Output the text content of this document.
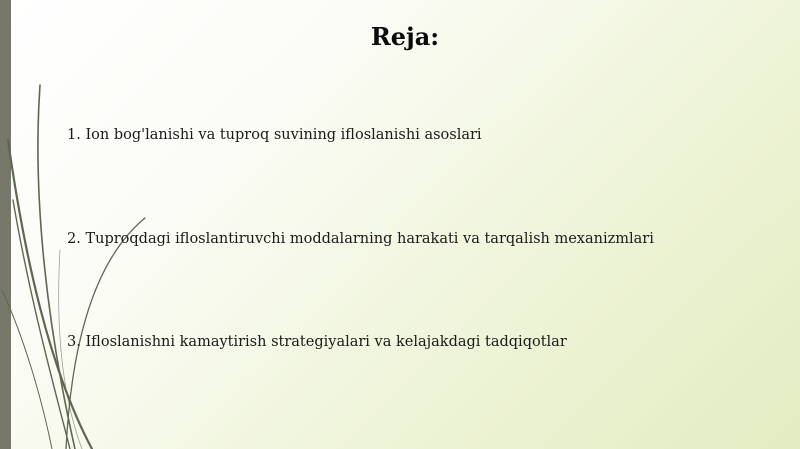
Reja:
1. Ion bog'lanishi va tuproq suvining ifloslanishi asoslari
2. Tuproqdagi ifloslantiruvchi moddalarning harakati va tarqalish mexanizmlari
3. Ifloslanishni kamaytirish strategiyalari va kelajakdagi tadqiqotlar
